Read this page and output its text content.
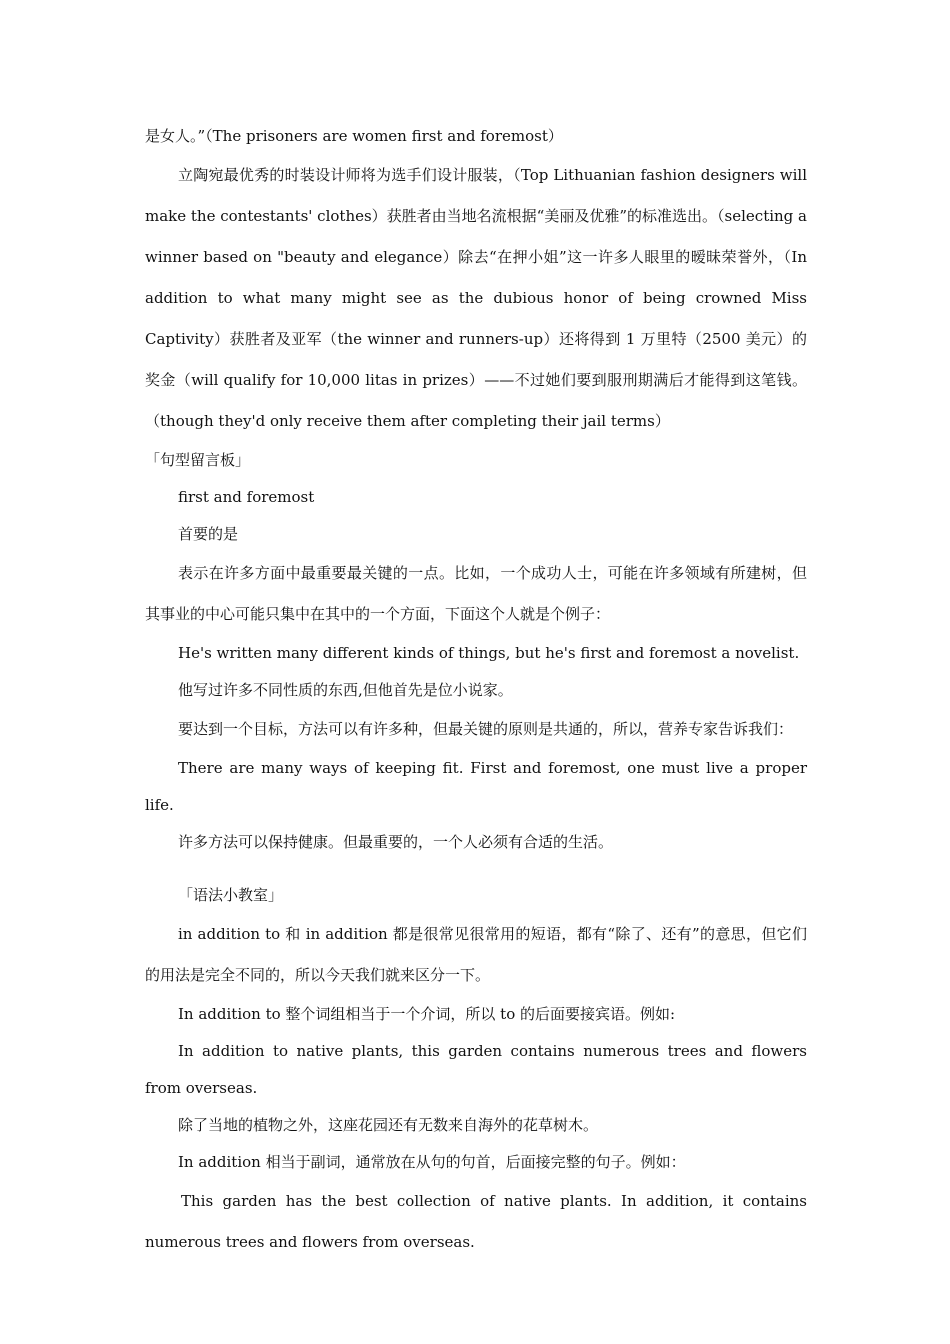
是女人。”（The prisoners are women first and foremost）

立陶宛最优秀的时装设计师将为选手们设计服装，（Top Lithuanian fashion designers will make the contestants' clothes）获胜者由当地名流根据“美丽及优雅”的标准选出。（selecting a winner based on "beauty and elegance）除去“在押小姐”这一许多人眼里的暧昧荣誉外，（In addition to what many might see as the dubious honor of being crowned Miss Captivity）获胜者及亚军（the winner and runners-up）还将得到 1 万里特（2500 美元）的奖金（will qualify for 10,000 litas in prizes）——不过她们要到服刑期满后才能得到这笔钱。（though they'd only receive them after completing their jail terms）

「句型留言板」

first and foremost

首要的是

表示在许多方面中最重要最关键的一点。比如，一个成功人士，可能在许多领域有所建树，但其事业的中心可能只集中在其中的一个方面，下面这个人就是个例子：

He's written many different kinds of things, but he's first and foremost a novelist.

他写过许多不同性质的东西,但他首先是位小说家。

要达到一个目标，方法可以有许多种，但最关键的原则是共通的，所以，营养专家告诉我们：

There are many ways of keeping fit. First and foremost, one must live a proper life.

许多方法可以保持健康。但最重要的，一个人必须有合适的生活。

「语法小教室」

in addition to 和 in addition 都是很常见很常用的短语，都有“除了、还有”的意思，但它们的用法是完全不同的，所以今天我们就来区分一下。

In addition to 整个词组相当于一个介词，所以 to 的后面要接宾语。例如:

In addition to native plants, this garden contains numerous trees and flowers from overseas.

除了当地的植物之外，这座花园还有无数来自海外的花草树木。

In addition 相当于副词，通常放在从句的句首，后面接完整的句子。例如：

This garden has the best collection of native plants. In addition, it contains numerous trees and flowers from overseas.
